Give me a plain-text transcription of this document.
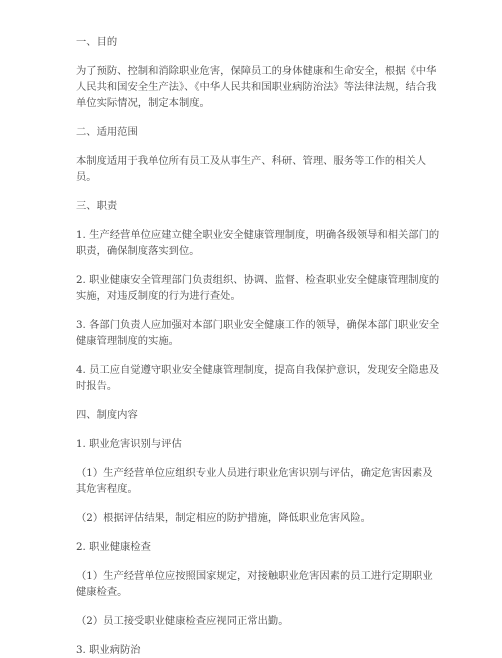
一、目的
为了预防、控制和消除职业危害，保障员工的身体健康和生命安全，根据《中华人民共和国安全生产法》、《中华人民共和国职业病防治法》等法律法规，结合我单位实际情况，制定本制度。
二、适用范围
本制度适用于我单位所有员工及从事生产、科研、管理、服务等工作的相关人员。
三、职责
1. 生产经营单位应建立健全职业安全健康管理制度，明确各级领导和相关部门的职责，确保制度落实到位。
2. 职业健康安全管理部门负责组织、协调、监督、检查职业安全健康管理制度的实施，对违反制度的行为进行查处。
3. 各部门负责人应加强对本部门职业安全健康工作的领导，确保本部门职业安全健康管理制度的实施。
4. 员工应自觉遵守职业安全健康管理制度，提高自我保护意识，发现安全隐患及时报告。
四、制度内容
1. 职业危害识别与评估
（1）生产经营单位应组织专业人员进行职业危害识别与评估，确定危害因素及其危害程度。
（2）根据评估结果，制定相应的防护措施，降低职业危害风险。
2. 职业健康检查
（1）生产经营单位应按照国家规定，对接触职业危害因素的员工进行定期职业健康检查。
（2）员工接受职业健康检查应视同正常出勤。
3. 职业病防治
